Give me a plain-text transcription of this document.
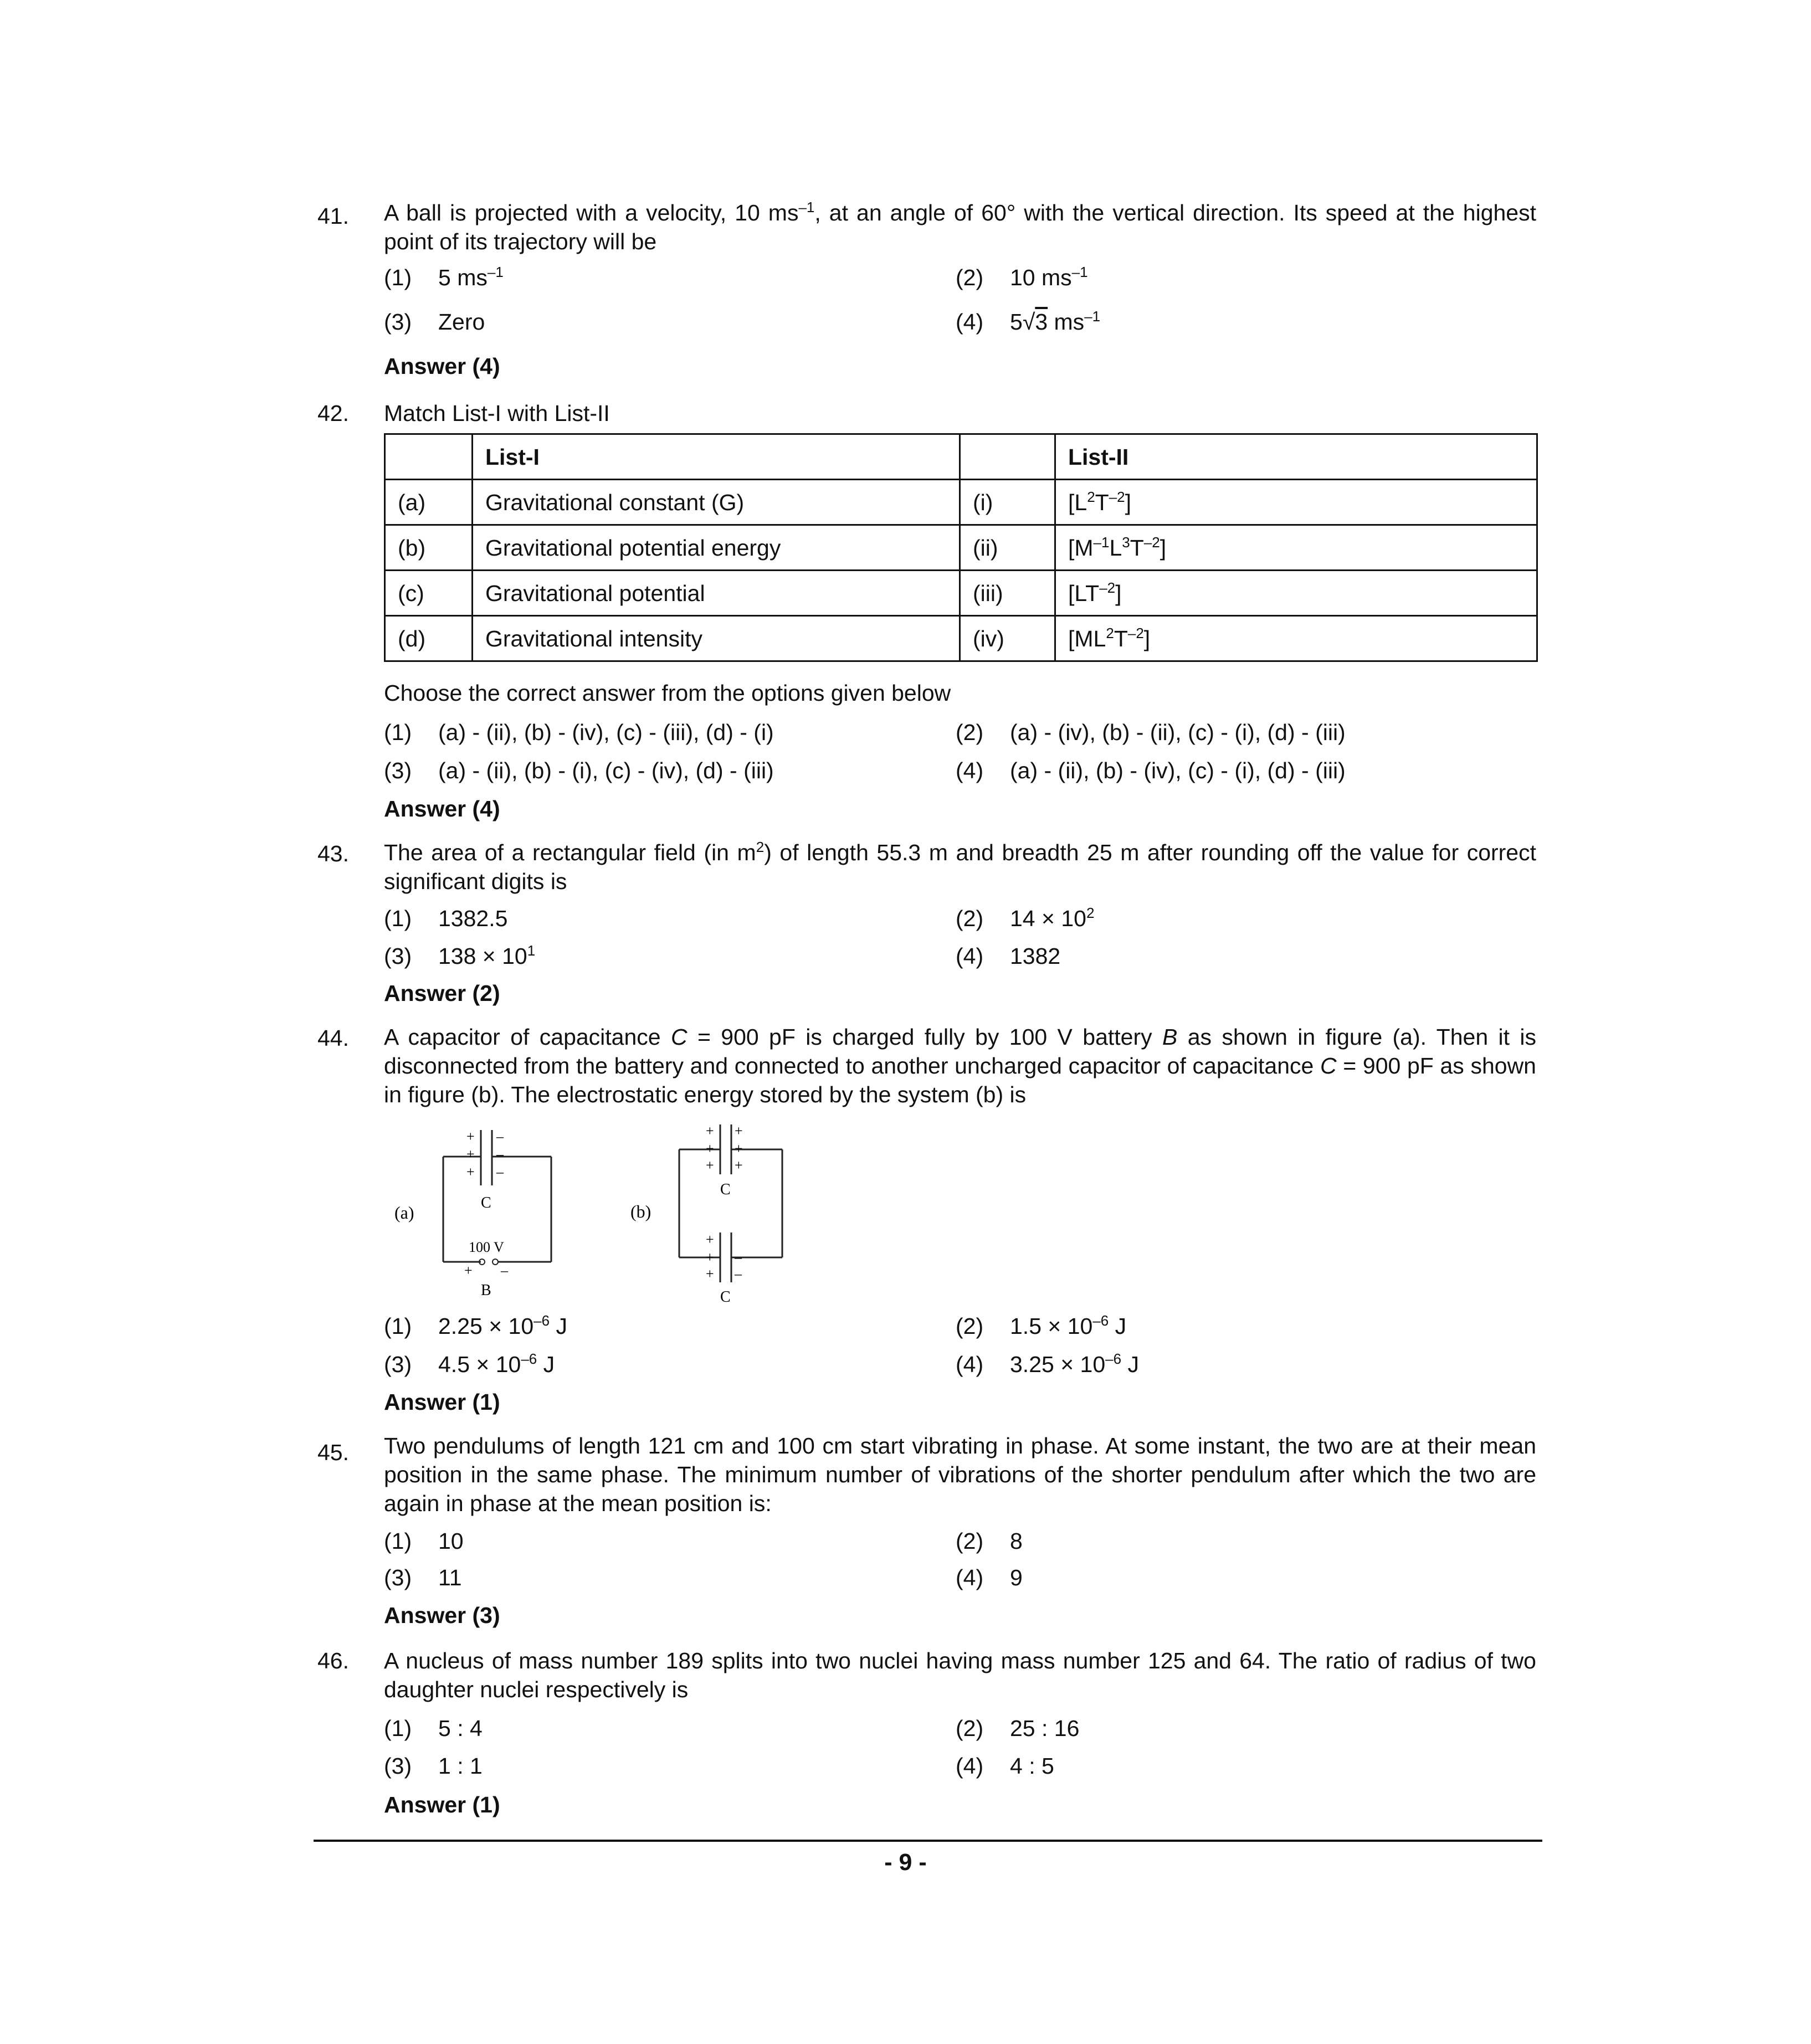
41. A ball is projected with a velocity, 10 $ms^{-1}$, at an angle of 60° with the vertical direction. Its speed at the highest point of its trajectory will be
(1) 5 $ms^{-1}$	(2) 10 $ms^{-1}$
(3) Zero	(4) 5√3 $ms^{-1}$
Answer (4)
42. Match List-I with List-II
	List-I		List-II
(a)	Gravitational constant (G)	(i)	$[L^2T^{-2}]$
(b)	Gravitational potential energy	(ii)	$[M^{-1}L^3T^{-2}]$
(c)	Gravitational potential	(iii)	$[LT^{-2}]$
(d)	Gravitational intensity	(iv)	$[ML^2T^{-2}]$
Choose the correct answer from the options given below
(1) (a) - (ii), (b) - (iv), (c) - (iii), (d) - (i)	(2) (a) - (iv), (b) - (ii), (c) - (i), (d) - (iii)
(3) (a) - (ii), (b) - (i), (c) - (iv), (d) - (iii)	(4) (a) - (ii), (b) - (iv), (c) - (i), (d) - (iii)
Answer (4)
43. The area of a rectangular field (in $m^2$) of length 55.3 m and breadth 25 m after rounding off the value for correct significant digits is
(1) 1382.5	(2) $14 \times 10^2$
(3) $138 \times 10^1$	(4) 1382
Answer (2)
44. A capacitor of capacitance C = 900 pF is charged fully by 100 V battery B as shown in figure (a). Then it is disconnected from the battery and connected to another uncharged capacitor of capacitance C = 900 pF as shown in figure (b). The electrostatic energy stored by the system (b) is
(a)
+
+
+
–
–
–
C
100 V
+ –
B
(b)
+
+
+
+
+
+
C
+
+
+
–
–
C
(1) $2.25 \times 10^{-6}$ J	(2) $1.5 \times 10^{-6}$ J
(3) $4.5 \times 10^{-6}$ J	(4) $3.25 \times 10^{-6}$ J
Answer (1)
45. Two pendulums of length 121 cm and 100 cm start vibrating in phase. At some instant, the two are at their mean position in the same phase. The minimum number of vibrations of the shorter pendulum after which the two are again in phase at the mean position is:
(1) 10	(2) 8
(3) 11	(4) 9
Answer (3)
46. A nucleus of mass number 189 splits into two nuclei having mass number 125 and 64. The ratio of radius of two daughter nuclei respectively is
(1) 5 : 4	(2) 25 : 16
(3) 1 : 1	(4) 4 : 5
Answer (1)
- 9 -
